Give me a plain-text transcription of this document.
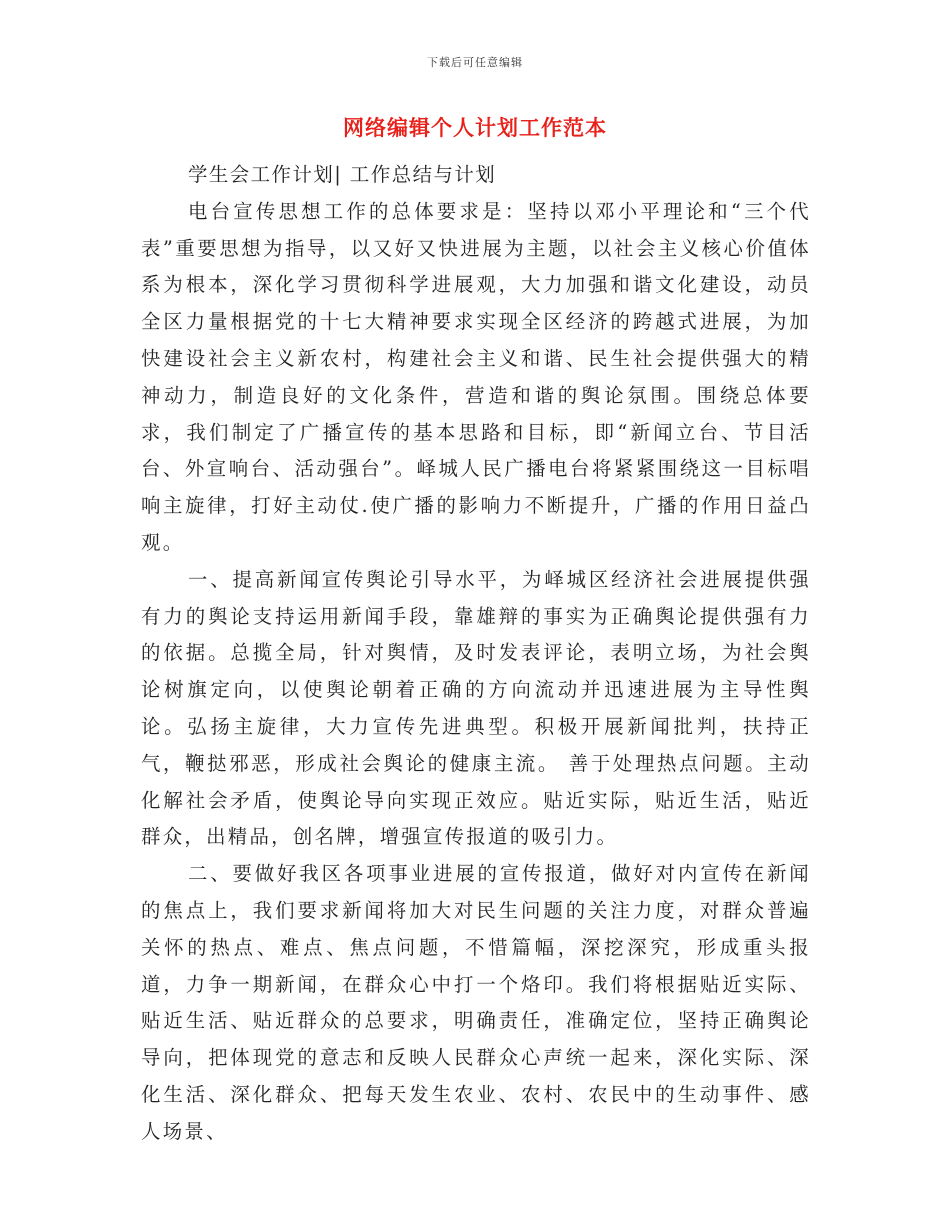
下载后可任意编辑
网络编辑个人计划工作范本

学生会工作计划| 工作总结与计划

电台宣传思想工作的总体要求是：坚持以邓小平理论和“三个代表”重要思想为指导，以又好又快进展为主题，以社会主义核心价值体系为根本，深化学习贯彻科学进展观，大力加强和谐文化建设，动员全区力量根据党的十七大精神要求实现全区经济的跨越式进展，为加快建设社会主义新农村，构建社会主义和谐、民生社会提供强大的精神动力，制造良好的文化条件，营造和谐的舆论氛围。围绕总体要求，我们制定了广播宣传的基本思路和目标，即“新闻立台、节目活台、外宣响台、活动强台”。峄城人民广播电台将紧紧围绕这一目标唱响主旋律，打好主动仗.使广播的影响力不断提升，广播的作用日益凸观。

一、提高新闻宣传舆论引导水平，为峄城区经济社会进展提供强有力的舆论支持运用新闻手段，靠雄辩的事实为正确舆论提供强有力的依据。总揽全局，针对舆情，及时发表评论，表明立场，为社会舆论树旗定向，以使舆论朝着正确的方向流动并迅速进展为主导性舆论。弘扬主旋律，大力宣传先进典型。积极开展新闻批判，扶持正气，鞭挞邪恶，形成社会舆论的健康主流。 善于处理热点问题。主动化解社会矛盾，使舆论导向实现正效应。贴近实际，贴近生活，贴近群众，出精品，创名牌，增强宣传报道的吸引力。

二、要做好我区各项事业进展的宣传报道，做好对内宣传在新闻的焦点上，我们要求新闻将加大对民生问题的关注力度，对群众普遍关怀的热点、难点、焦点问题，不惜篇幅，深挖深究，形成重头报道，力争一期新闻，在群众心中打一个烙印。我们将根据贴近实际、贴近生活、贴近群众的总要求，明确责任，准确定位，坚持正确舆论导向，把体现党的意志和反映人民群众心声统一起来，深化实际、深化生活、深化群众、把每天发生农业、农村、农民中的生动事件、感人场景、
